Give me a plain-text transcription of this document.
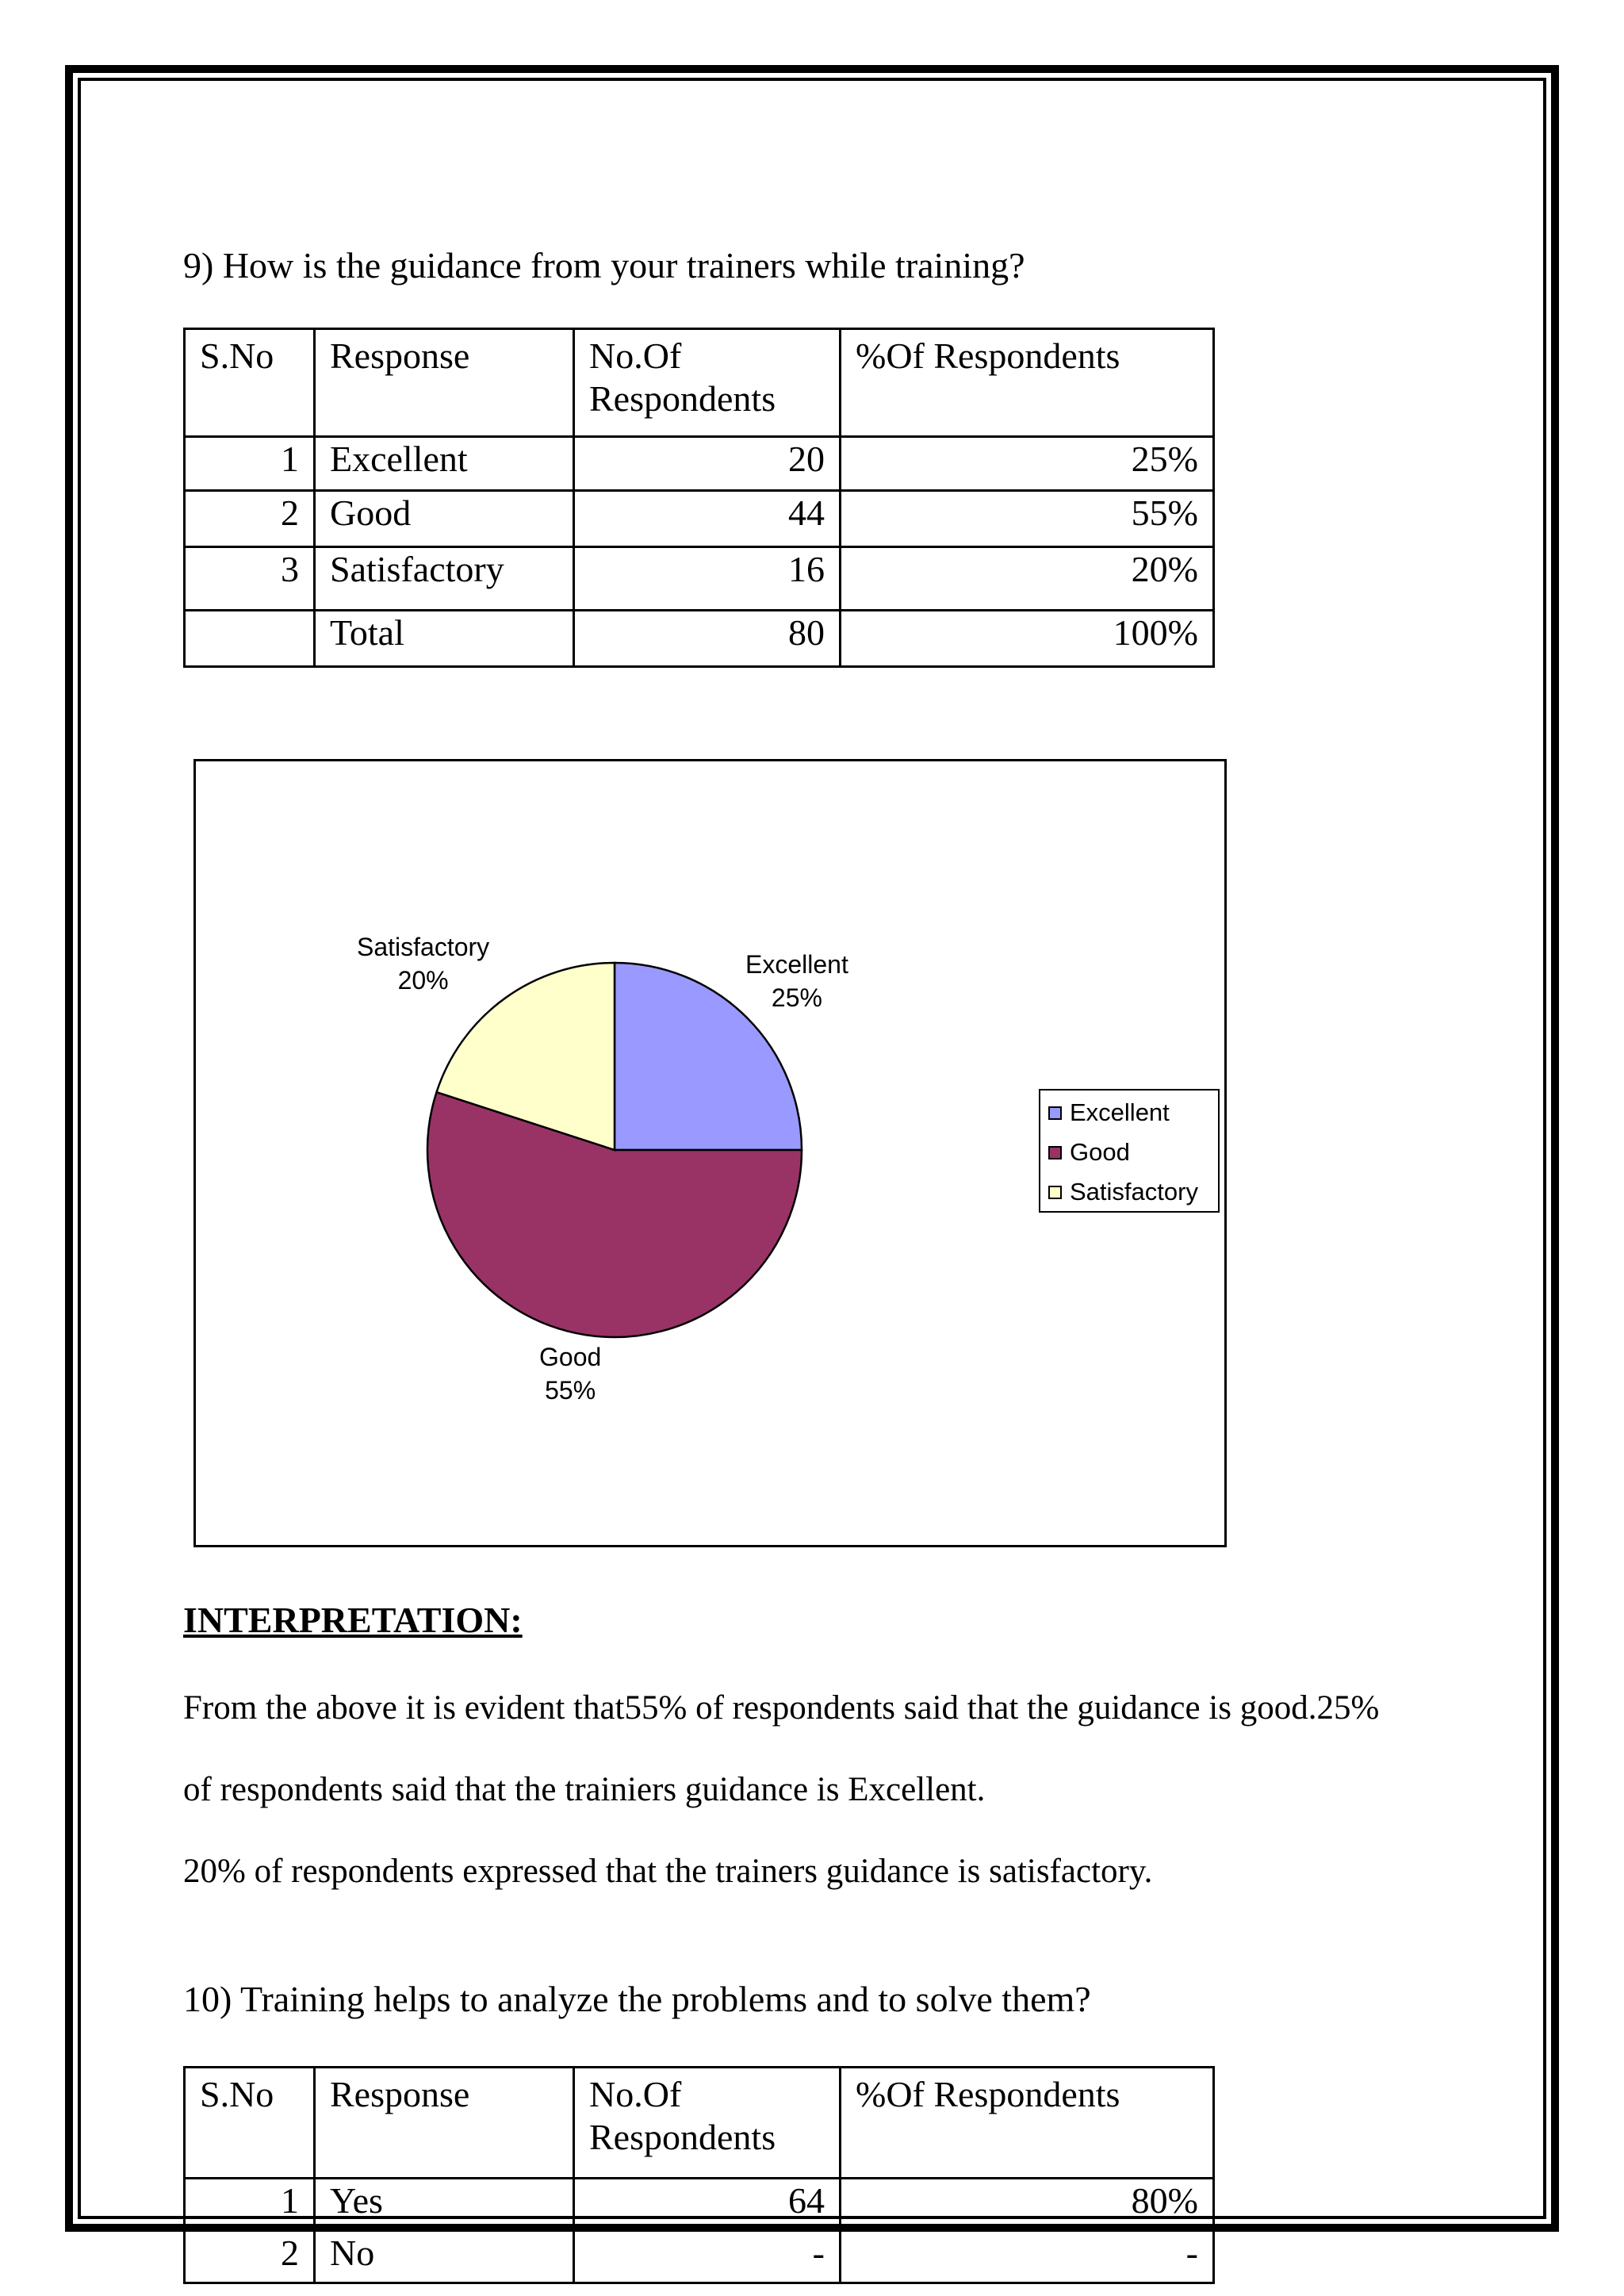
9) How is the guidance from your trainers while training?
S.No	Response	No.Of Respondents	%Of Respondents
1	Excellent	20	25%
2	Good	44	55%
3	Satisfactory	16	20%
	Total	80	100%
Excellent
25%
Good
55%
Satisfactory
20%
Excellent
Good
Satisfactory
INTERPRETATION:
From the above it is evident that55% of respondents said that the guidance is good.25%
of respondents said that the trainiers guidance is Excellent.
20% of respondents expressed that the trainers guidance is satisfactory.
10) Training helps to analyze the problems and to solve them?
S.No	Response	No.Of Respondents	%Of Respondents
1	Yes	64	80%
2	No	-	-
